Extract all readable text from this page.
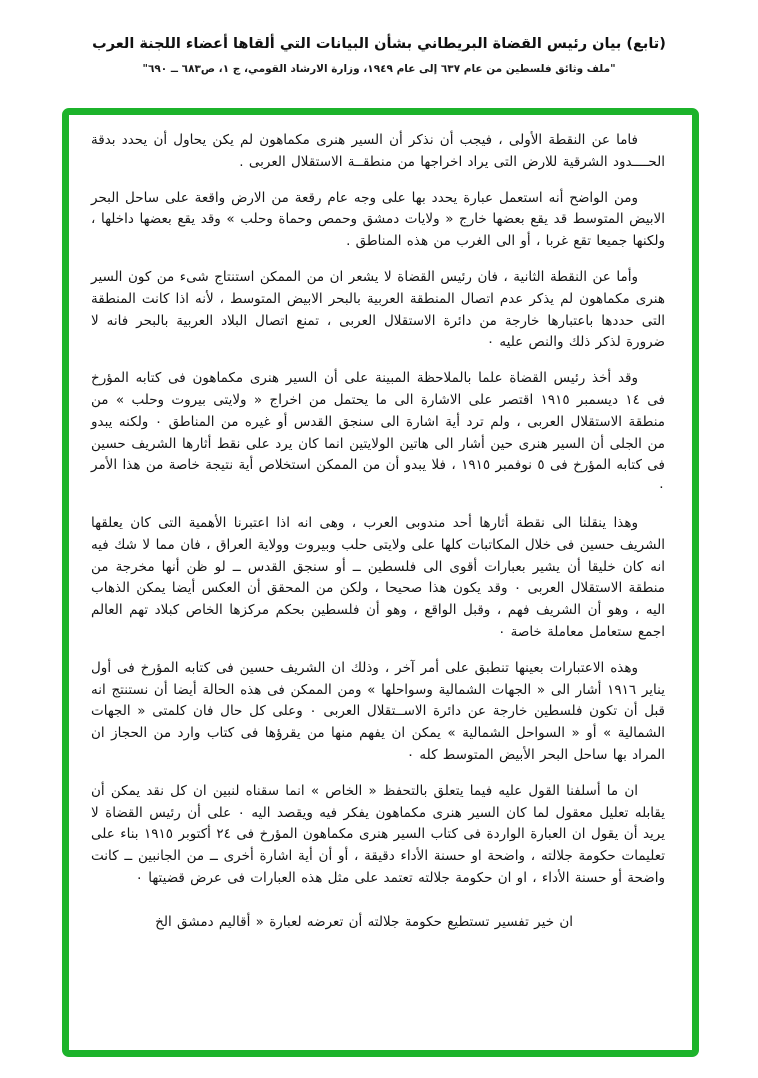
(تابع) بيان رئيس القضاة البريطاني بشأن البيانات التي ألقاها أعضاء اللجنة العرب
"ملف وثائق فلسطين من عام ٦٣٧ إلى عام ١٩٤٩، وزارة الارشاد القومي، ج ١، ص٦٨٣ ــ ٦٩٠"

فاما عن النقطة الأولى ، فيجب أن نذكر أن السير هنرى مكماهون لم يكن يحاول أن يحدد بدقة الحــــدود الشرقية للارض التى يراد اخراجها من منطقــة الاستقلال العربى .

ومن الواضح أنه استعمل عبارة يحدد بها على وجه عام رقعة من الارض واقعة على ساحل البحر الابيض المتوسط قد يقع بعضها خارج « ولايات دمشق وحمص وحماة وحلب » وقد يقع بعضها داخلها ، ولكنها جميعا تقع غربا ، أو الى الغرب من هذه المناطق .

وأما عن النقطة الثانية ، فان رئيس القضاة لا يشعر ان من الممكن استنتاج شىء من كون السير هنرى مكماهون لم يذكر عدم اتصال المنطقة العربية بالبحر الابيض المتوسط ، لأنه اذا كانت المنطقة التى حددها باعتبارها خارجة من دائرة الاستقلال العربى ، تمنع اتصال البلاد العربية بالبحر فانه لا ضرورة لذكر ذلك والنص عليه ٠

وقد أخذ رئيس القضاة علما بالملاحظة المبينة على أن السير هنرى مكماهون فى كتابه المؤرخ فى ١٤ ديسمبر ١٩١٥ اقتصر على الاشارة الى ما يحتمل من اخراج « ولايتى بيروت وحلب » من منطقة الاستقلال العربى ، ولم ترد أية اشارة الى سنجق القدس أو غيره من المناطق ٠ ولكنه يبدو من الجلى أن السير هنرى حين أشار الى هاتين الولايتين انما كان يرد على نقط أثارها الشريف حسين فى كتابه المؤرخ فى ٥ نوفمبر ١٩١٥ ، فلا يبدو أن من الممكن استخلاص أية نتيجة خاصة من هذا الأمر ٠

وهذا ينقلنا الى نقطة أثارها أحد مندوبى العرب ، وهى انه اذا اعتبرنا الأهمية التى كان يعلقها الشريف حسين فى خلال المكاتبات كلها على ولايتى حلب وبيروت وولاية العراق ، فان مما لا شك فيه انه كان خليقا أن يشير بعبارات أقوى الى فلسطين ــ أو سنجق القدس ــ لو ظن أنها مخرجة من منطقة الاستقلال العربى ٠ وقد يكون هذا صحيحا ، ولكن من المحقق أن العكس أيضا يمكن الذهاب اليه ، وهو أن الشريف فهم ، وقبل الواقع ، وهو أن فلسطين بحكم مركزها الخاص كبلاد تهم العالم اجمع ستعامل معاملة خاصة ٠

وهذه الاعتبارات بعينها تنطبق على أمر آخر ، وذلك ان الشريف حسين فى كتابه المؤرخ فى أول يناير ١٩١٦ أشار الى « الجهات الشمالية وسواحلها » ومن الممكن فى هذه الحالة أيضا أن نستنتج انه قبل أن تكون فلسطين خارجة عن دائرة الاســتقلال العربى ٠ وعلى كل حال فان كلمتى « الجهات الشمالية » أو « السواحل الشمالية » يمكن ان يفهم منها من يقرؤها فى كتاب وارد من الحجاز ان المراد بها ساحل البحر الأبيض المتوسط كله ٠

ان ما أسلفنا القول عليه فيما يتعلق بالتحفظ « الخاص » انما سقناه لنبين ان كل نقد يمكن أن يقابله تعليل معقول لما كان السير هنرى مكماهون يفكر فيه ويقصد اليه ٠ على أن رئيس القضاة لا يريد أن يقول ان العبارة الواردة فى كتاب السير هنرى مكماهون المؤرخ فى ٢٤ أكتوبر ١٩١٥ بناء على تعليمات حكومة جلالته ، واضحة او حسنة الأداء دقيقة ، أو أن أية اشارة أخرى ــ من الجانبين ــ كانت واضحة أو حسنة الأداء ، او ان حكومة جلالته تعتمد على مثل هذه العبارات فى عرض قضيتها ٠

ان خير تفسير تستطيع حكومة جلالته أن تعرضه لعبارة « أقاليم دمشق الخ
